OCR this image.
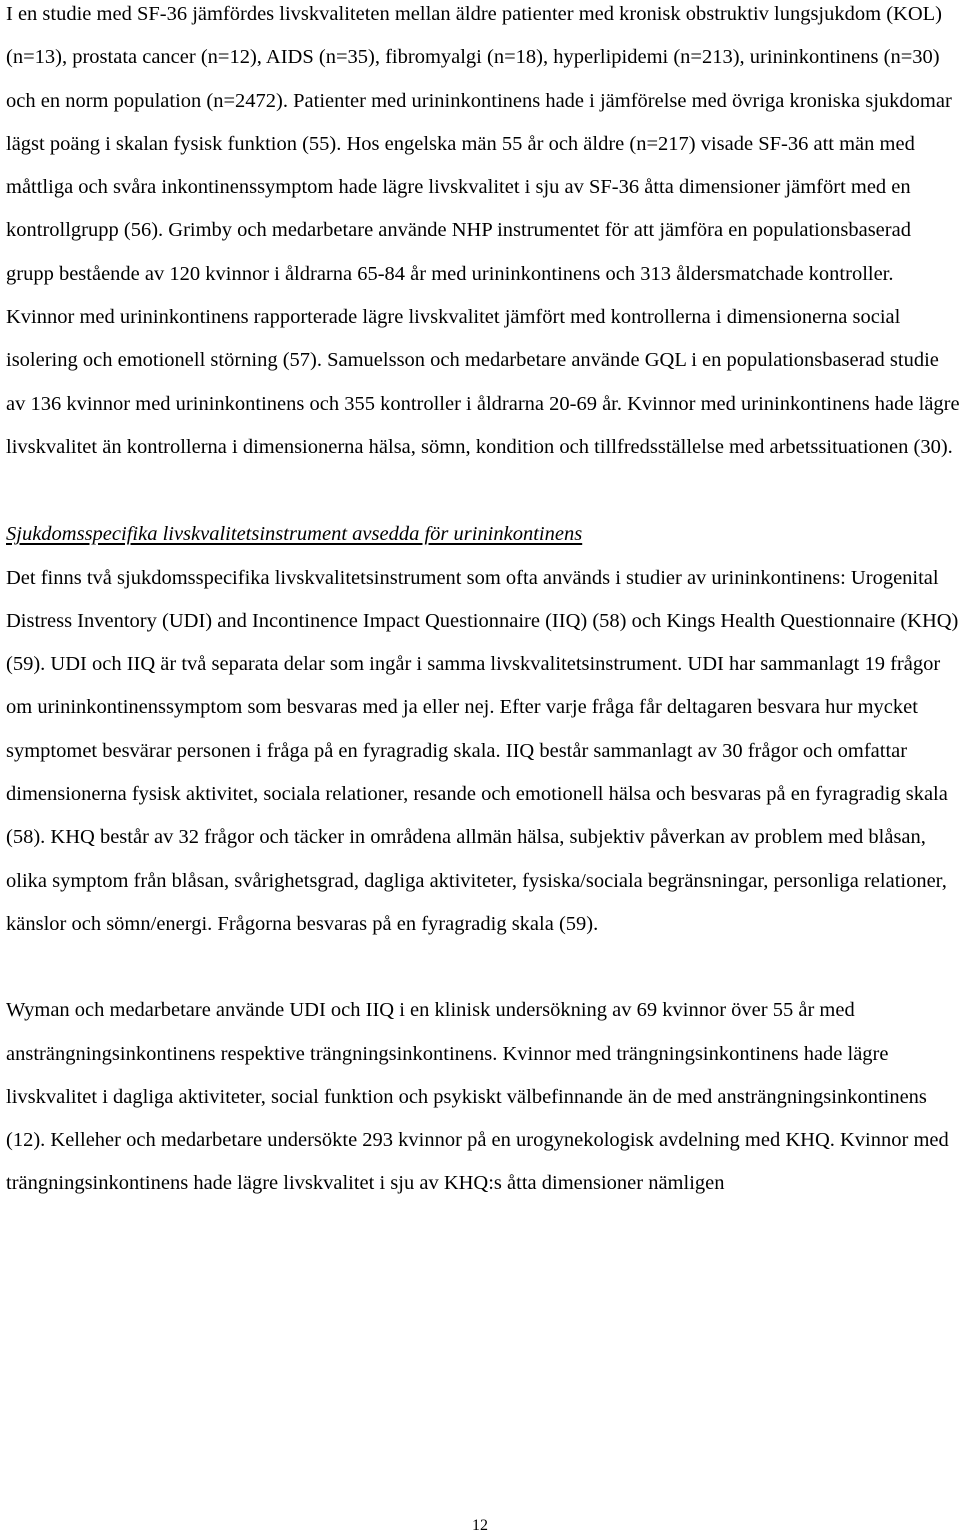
I en studie med SF-36 jämfördes livskvaliteten mellan äldre patienter med kronisk obstruktiv lungsjukdom (KOL) (n=13), prostata cancer (n=12), AIDS (n=35), fibromyalgi (n=18), hyperlipidemi (n=213), urininkontinens (n=30) och en norm population (n=2472). Patienter med urininkontinens hade i jämförelse med övriga kroniska sjukdomar lägst poäng i skalan fysisk funktion (55). Hos engelska män 55 år och äldre (n=217) visade SF-36 att män med måttliga och svåra inkontinenssymptom hade lägre livskvalitet i sju av SF-36 åtta dimensioner jämfört med en kontrollgrupp (56). Grimby och medarbetare använde NHP instrumentet för att jämföra en populationsbaserad grupp bestående av 120 kvinnor i åldrarna 65-84 år med urininkontinens och 313 åldersmatchade kontroller. Kvinnor med urininkontinens rapporterade lägre livskvalitet jämfört med kontrollerna i dimensionerna social isolering och emotionell störning (57). Samuelsson och medarbetare använde GQL i en populationsbaserad studie av 136 kvinnor med urininkontinens och 355 kontroller i åldrarna 20-69 år. Kvinnor med urininkontinens hade lägre livskvalitet än kontrollerna i dimensionerna hälsa, sömn, kondition och tillfredsställelse med arbetssituationen (30).

Sjukdomsspecifika livskvalitetsinstrument avsedda för urininkontinens

Det finns två sjukdomsspecifika livskvalitetsinstrument som ofta används i studier av urininkontinens: Urogenital Distress Inventory (UDI) and Incontinence Impact Questionnaire (IIQ) (58) och Kings Health Questionnaire (KHQ) (59). UDI och IIQ är två separata delar som ingår i samma livskvalitetsinstrument. UDI har sammanlagt 19 frågor om urininkontinenssymptom som besvaras med ja eller nej. Efter varje fråga får deltagaren besvara hur mycket symptomet besvärar personen i fråga på en fyragradig skala. IIQ består sammanlagt av 30 frågor och omfattar dimensionerna fysisk aktivitet, sociala relationer, resande och emotionell hälsa och besvaras på en fyragradig skala (58). KHQ består av 32 frågor och täcker in områdena allmän hälsa, subjektiv påverkan av problem med blåsan, olika symptom från blåsan, svårighetsgrad, dagliga aktiviteter, fysiska/sociala begränsningar, personliga relationer, känslor och sömn/energi. Frågorna besvaras på en fyragradig skala (59).

Wyman och medarbetare använde UDI och IIQ i en klinisk undersökning av 69 kvinnor över 55 år med ansträngningsinkontinens respektive trängningsinkontinens. Kvinnor med trängningsinkontinens hade lägre livskvalitet i dagliga aktiviteter, social funktion och psykiskt välbefinnande än de med ansträngningsinkontinens (12). Kelleher och medarbetare undersökte 293 kvinnor på en urogynekologisk avdelning med KHQ. Kvinnor med trängningsinkontinens hade lägre livskvalitet i sju av KHQ:s åtta dimensioner nämligen

12
